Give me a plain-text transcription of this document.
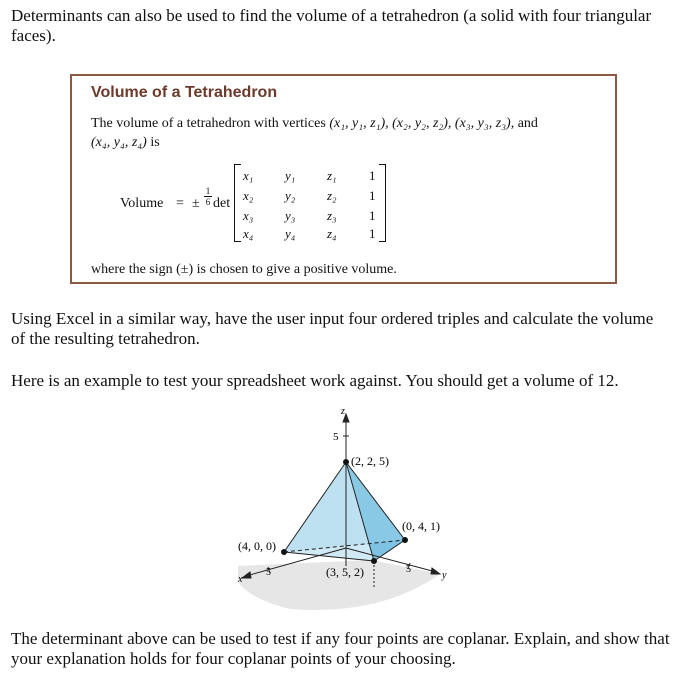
Determinants can also be used to find the volume of a tetrahedron (a solid with four triangular faces).

Volume of a Tetrahedron
The volume of a tetrahedron with vertices (x₁, y₁, z₁), (x₂, y₂, z₂), (x₃, y₃, z₃), and
(x₄, y₄, z₄) is
Volume = ± $\frac{1}{6}$ det
x₁ y₁ z₁ 1
x₂ y₂ z₂ 1
x₃ y₃ z₃ 1
x₄ y₄ z₄ 1
where the sign (±) is chosen to give a positive volume.

Using Excel in a similar way, have the user input four ordered triples and calculate the volume of the resulting tetrahedron.

Here is an example to test your spreadsheet work against. You should get a volume of 12.

z
x	y
5
5	5
(2, 2, 5)
(0, 4, 1)
(4, 0, 0)
(3, 5, 2)

The determinant above can be used to test if any four points are coplanar. Explain, and show that your explanation holds for four coplanar points of your choosing.
